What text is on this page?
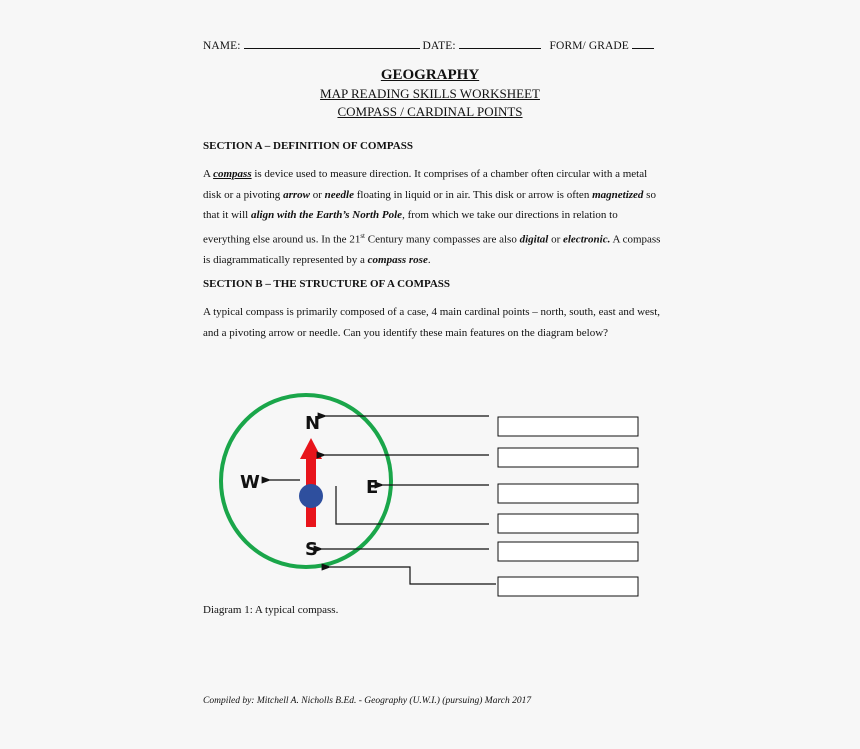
NAME:	DATE:	FORM/ GRADE
GEOGRAPHY
MAP READING SKILLS WORKSHEET
COMPASS / CARDINAL POINTS
SECTION A – DEFINITION OF COMPASS
A compass is device used to measure direction. It comprises of a chamber often circular with a metal disk or a pivoting arrow or needle floating in liquid or in air. This disk or arrow is often magnetized so that it will align with the Earth’s North Pole, from which we take our directions in relation to everything else around us. In the 21st Century many compasses are also digital or electronic. A compass is diagrammatically represented by a compass rose.
SECTION B – THE STRUCTURE OF A COMPASS
A typical compass is primarily composed of a case, 4 main cardinal points – north, south, east and west, and a pivoting arrow or needle. Can you identify these main features on the diagram below?
N
W	E
S
Diagram 1: A typical compass.
Compiled by: Mitchell A. Nicholls B.Ed. - Geography (U.W.I.) (pursuing) March 2017
